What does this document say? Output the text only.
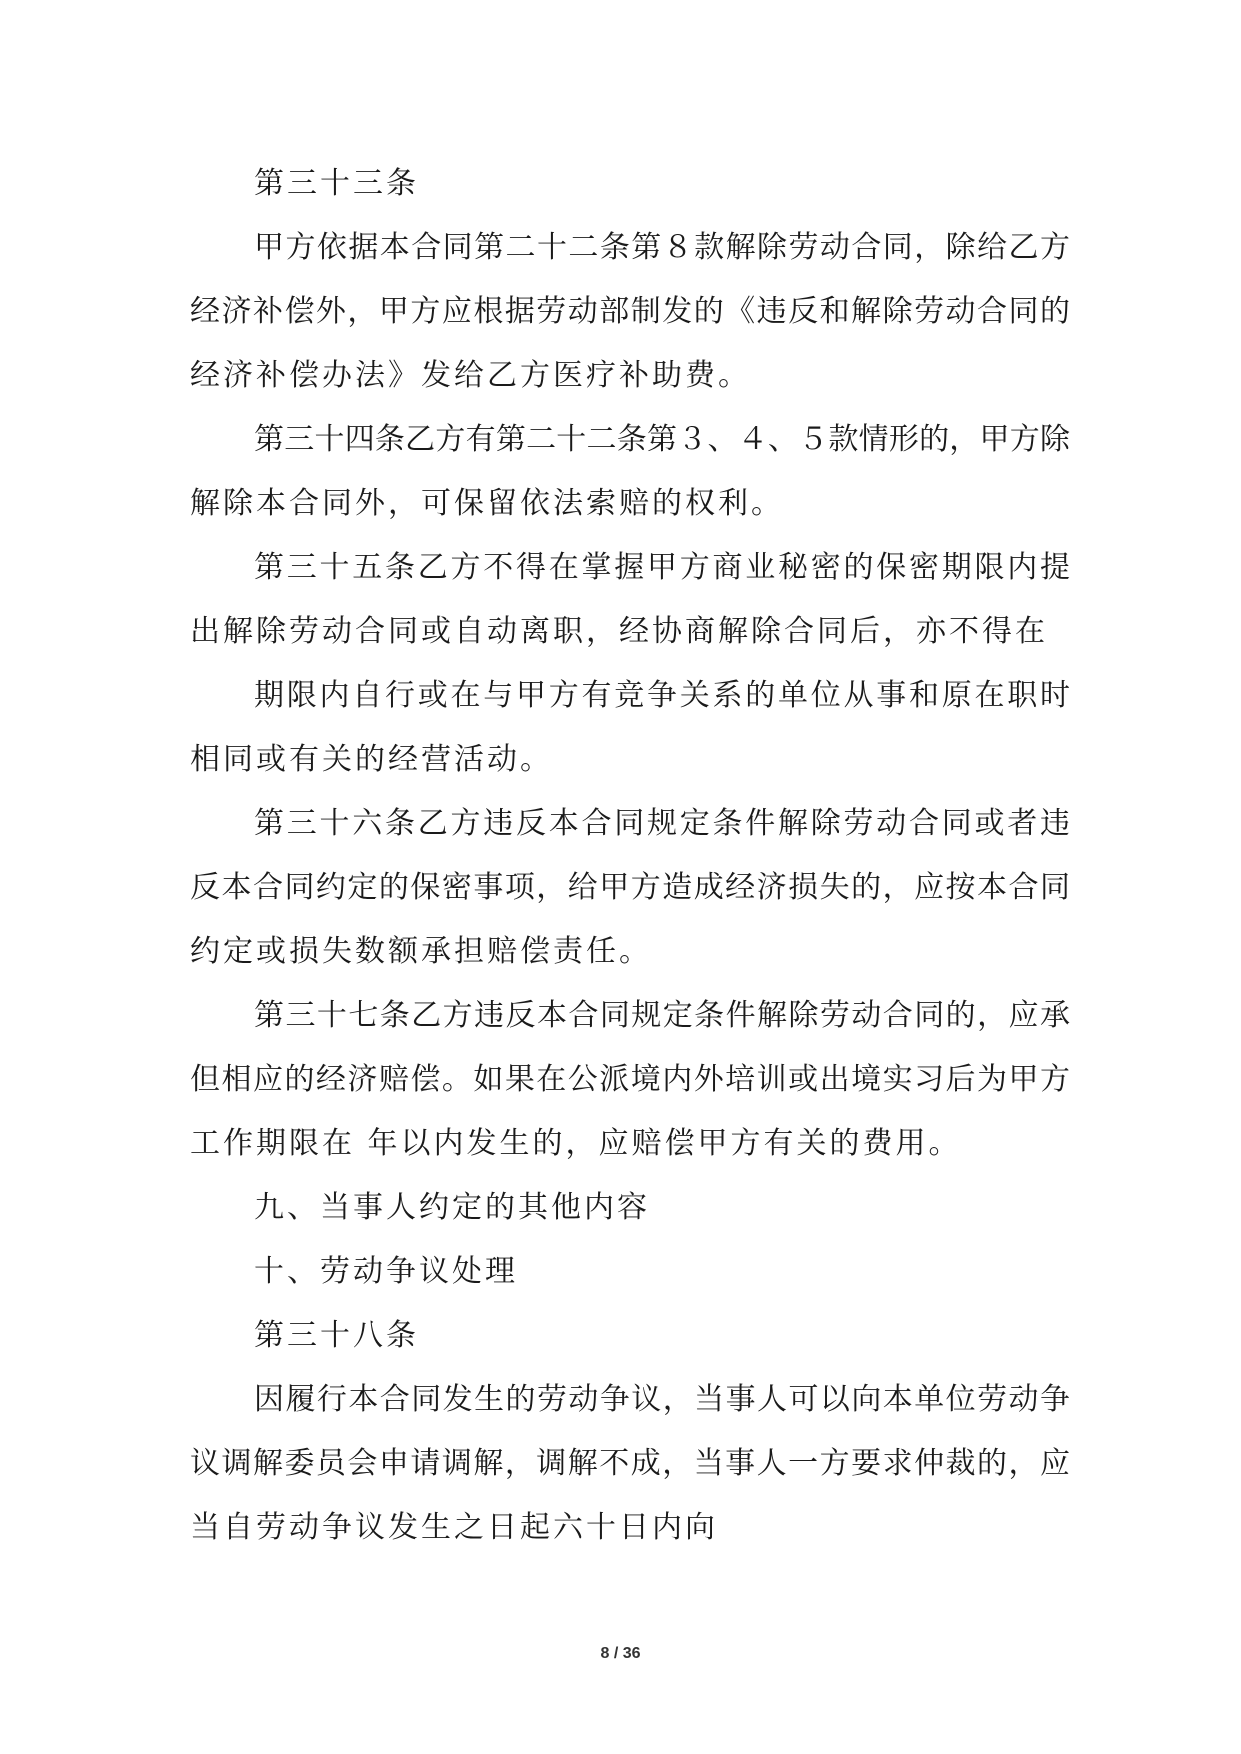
第三十三条
甲方依据本合同第二十二条第８款解除劳动合同，除给乙方
经济补偿外，甲方应根据劳动部制发的《违反和解除劳动合同的
经济补偿办法》发给乙方医疗补助费。
第三十四条乙方有第二十二条第３、４、５款情形的，甲方除
解除本合同外，可保留依法索赔的权利。
第三十五条乙方不得在掌握甲方商业秘密的保密期限内提
出解除劳动合同或自动离职，经协商解除合同后，亦不得在
期限内自行或在与甲方有竞争关系的单位从事和原在职时
相同或有关的经营活动。
第三十六条乙方违反本合同规定条件解除劳动合同或者违
反本合同约定的保密事项，给甲方造成经济损失的，应按本合同
约定或损失数额承担赔偿责任。
第三十七条乙方违反本合同规定条件解除劳动合同的，应承
但相应的经济赔偿。如果在公派境内外培训或出境实习后为甲方
工作期限在 年以内发生的，应赔偿甲方有关的费用。
九、当事人约定的其他内容
十、劳动争议处理
第三十八条
因履行本合同发生的劳动争议，当事人可以向本单位劳动争
议调解委员会申请调解，调解不成，当事人一方要求仲裁的，应
当自劳动争议发生之日起六十日内向
8 / 36
